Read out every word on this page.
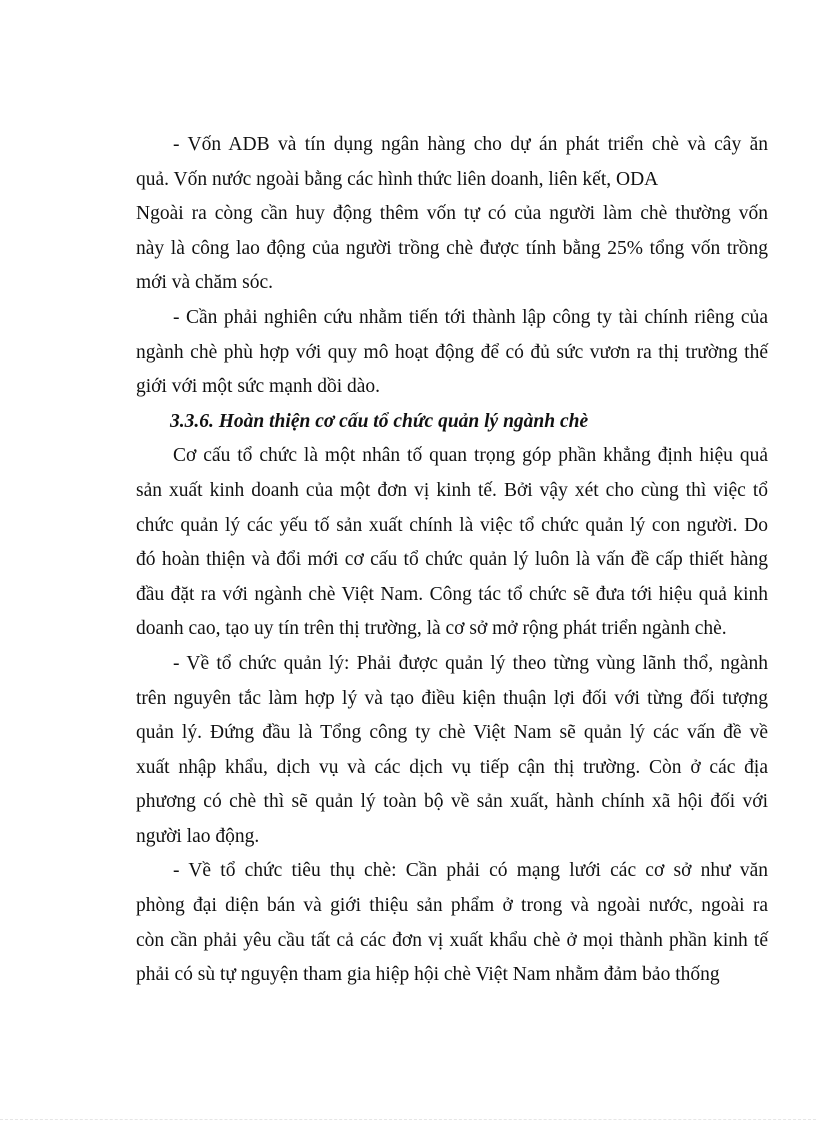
- Vốn ADB và tín dụng ngân hàng cho dự án phát triển chè và cây ăn
quả. Vốn nước ngoài bằng các hình thức liên doanh, liên kết, ODA
Ngoài ra còng cần huy động thêm vốn tự có của người làm chè thường vốn
này là công lao động của người trồng chè được tính bằng 25% tổng vốn trồng
mới và chăm sóc.
- Cần phải nghiên cứu nhằm tiến tới thành lập công ty tài chính riêng của
ngành chè phù hợp với quy mô hoạt động để có đủ sức vươn ra thị trường thế
giới với một sức mạnh dồi dào.
3.3.6. Hoàn thiện cơ cấu tổ chức quản lý ngành chè
Cơ cấu tổ chức là một nhân tố quan trọng góp phần khẳng định hiệu quả
sản xuất kinh doanh của một đơn vị kinh tế. Bởi vậy xét cho cùng thì việc tổ
chức quản lý các yếu tố sản xuất chính là việc tổ chức quản lý con người. Do
đó hoàn thiện và đổi mới cơ cấu tổ chức quản lý luôn là vấn đề cấp thiết hàng
đầu đặt ra với ngành chè Việt Nam. Công tác tổ chức sẽ đưa tới hiệu quả kinh
doanh cao, tạo uy tín trên thị trường, là cơ sở mở rộng phát triển ngành chè.
- Về tổ chức quản lý: Phải được quản lý theo từng vùng lãnh thổ, ngành
trên nguyên tắc làm hợp lý và tạo điều kiện thuận lợi đối với từng đối tượng
quản lý. Đứng đầu là Tổng công ty chè Việt Nam sẽ quản lý các vấn đề về
xuất nhập khẩu, dịch vụ và các dịch vụ tiếp cận thị trường. Còn ở các địa
phương có chè thì sẽ quản lý toàn bộ về sản xuất, hành chính xã hội đối với
người lao động.
- Về tổ chức tiêu thụ chè: Cần phải có mạng lưới các cơ sở như văn
phòng đại diện bán và giới thiệu sản phẩm ở trong và ngoài nước, ngoài ra
còn cần phải yêu cầu tất cả các đơn vị xuất khẩu chè ở mọi thành phần kinh tế
phải có sù tự nguyện tham gia hiệp hội chè Việt Nam nhằm đảm bảo thống
